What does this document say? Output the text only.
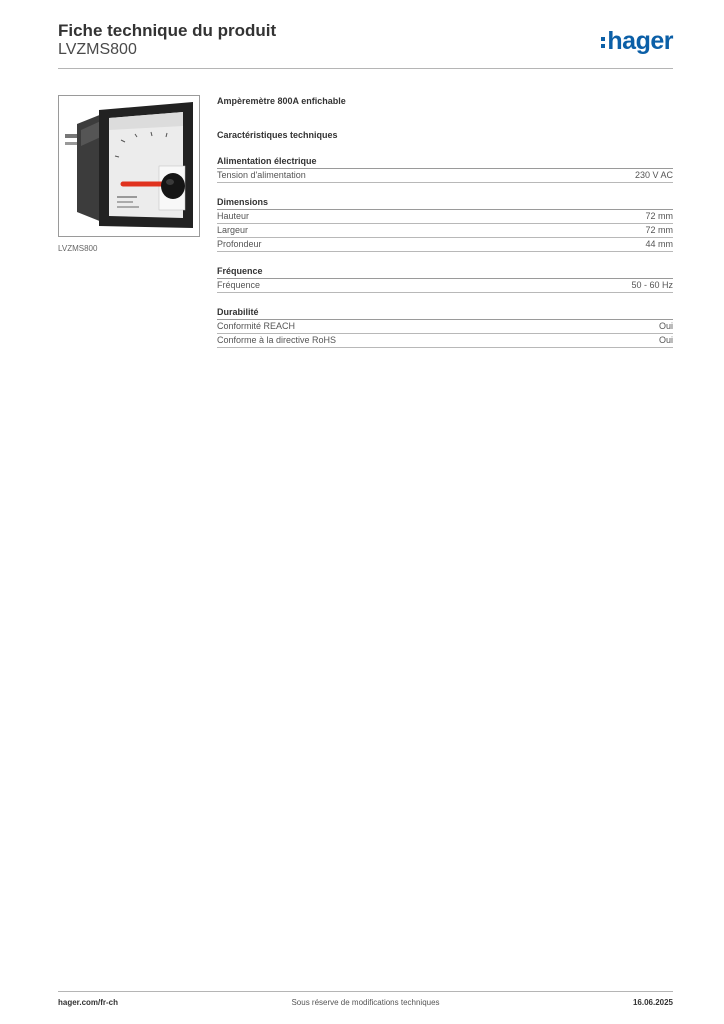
Fiche technique du produit
LVZMS800	hager
LVZMS800
Ampèremètre 800A enfichable
Caractéristiques techniques
Alimentation électrique
Tension d'alimentation	230 V AC
Dimensions
Hauteur	72 mm
Largeur	72 mm
Profondeur	44 mm
Fréquence
Fréquence	50 - 60 Hz
Durabilité
Conformité REACH	Oui
Conforme à la directive RoHS	Oui
hager.com/fr-ch	Sous réserve de modifications techniques	16.06.2025
